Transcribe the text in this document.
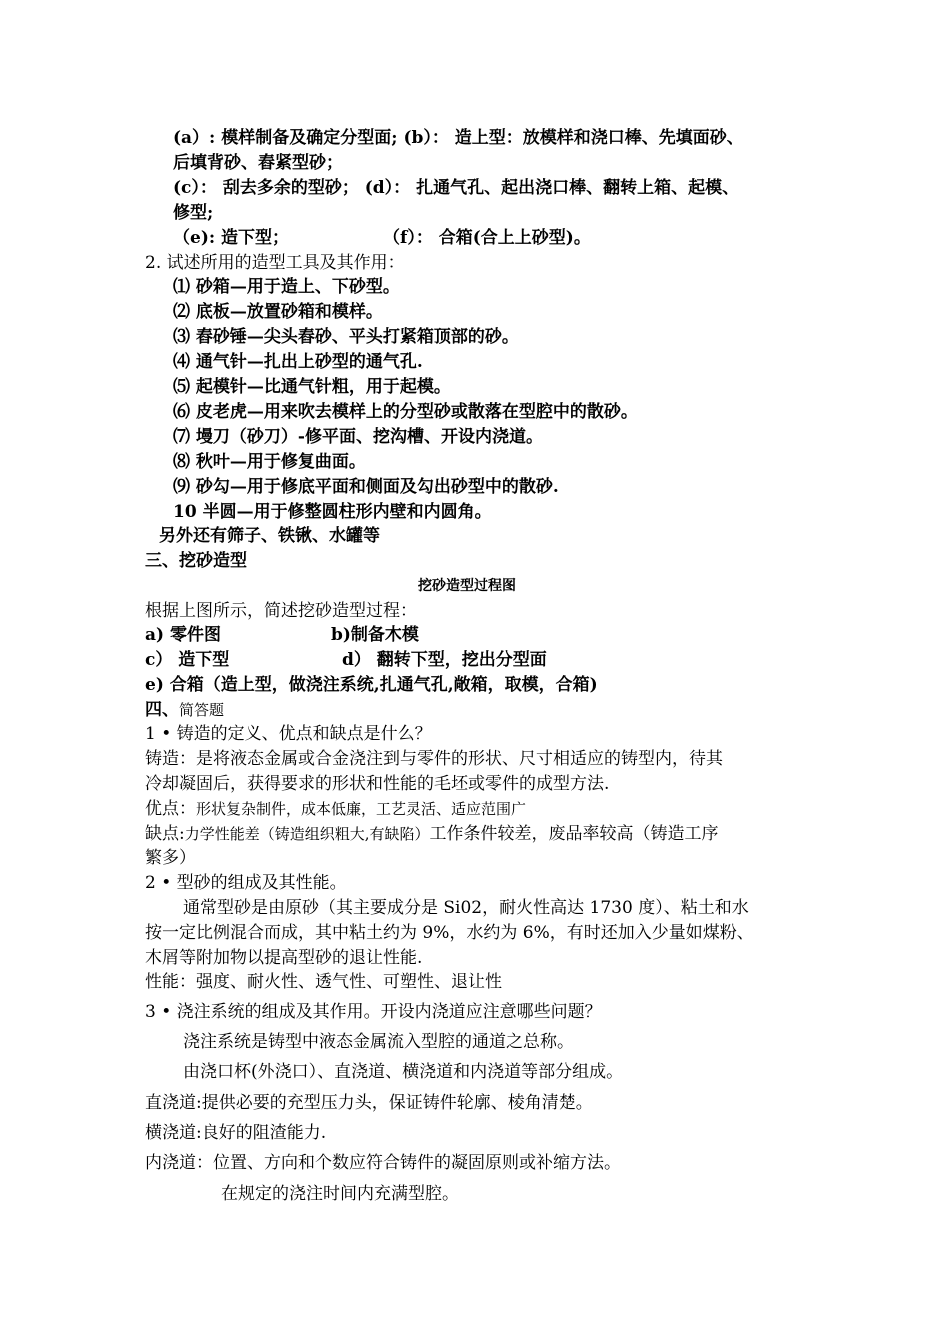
(a）: 模样制备及确定分型面; (b）： 造上型：放模样和浇口棒、先填面砂、
后填背砂、舂紧型砂；
(c）： 刮去多余的型砂； (d）： 扎通气孔、起出浇口棒、翻转上箱、起模、
修型;
（e): 造下型；	（f）： 合箱(合上上砂型)。
2. 试述所用的造型工具及其作用：
⑴ 砂箱—用于造上、下砂型。
⑵ 底板—放置砂箱和模样。
⑶ 舂砂锤—尖头舂砂、平头打紧箱顶部的砂。
⑷ 通气针—扎出上砂型的通气孔.
⑸ 起模针—比通气针粗，用于起模。
⑹ 皮老虎—用来吹去模样上的分型砂或散落在型腔中的散砂。
⑺ 墁刀（砂刀）-修平面、挖沟槽、开设内浇道。
⑻ 秋叶—用于修复曲面。
⑼ 砂勾—用于修底平面和侧面及勾出砂型中的散砂.
10 半圆—用于修整圆柱形内壁和内圆角。
另外还有筛子、铁锹、水罐等
三、挖砂造型
挖砂造型过程图
根据上图所示，简述挖砂造型过程：
a) 零件图	b)制备木模
c） 造下型	d） 翻转下型，挖出分型面
e) 合箱（造上型，做浇注系统,扎通气孔,敞箱，取模，合箱)
四、简答题
1 • 铸造的定义、优点和缺点是什么？
铸造：是将液态金属或合金浇注到与零件的形状、尺寸相适应的铸型内，待其
冷却凝固后，获得要求的形状和性能的毛坯或零件的成型方法.
优点：形状复杂制件，成本低廉，工艺灵活、适应范围广
缺点:力学性能差（铸造组织粗大,有缺陷）工作条件较差，废品率较高（铸造工序
繁多）
2 • 型砂的组成及其性能。
通常型砂是由原砂（其主要成分是 Si02，耐火性高达 1730 度）、粘土和水
按一定比例混合而成，其中粘土约为 9%，水约为 6%，有时还加入少量如煤粉、
木屑等附加物以提高型砂的退让性能.
性能：强度、耐火性、透气性、可塑性、退让性
3 • 浇注系统的组成及其作用。开设内浇道应注意哪些问题？
浇注系统是铸型中液态金属流入型腔的通道之总称。
由浇口杯(外浇口）、直浇道、横浇道和内浇道等部分组成。
直浇道:提供必要的充型压力头，保证铸件轮廓、棱角清楚。
横浇道:良好的阻渣能力.
内浇道：位置、方向和个数应符合铸件的凝固原则或补缩方法。
在规定的浇注时间内充满型腔。
